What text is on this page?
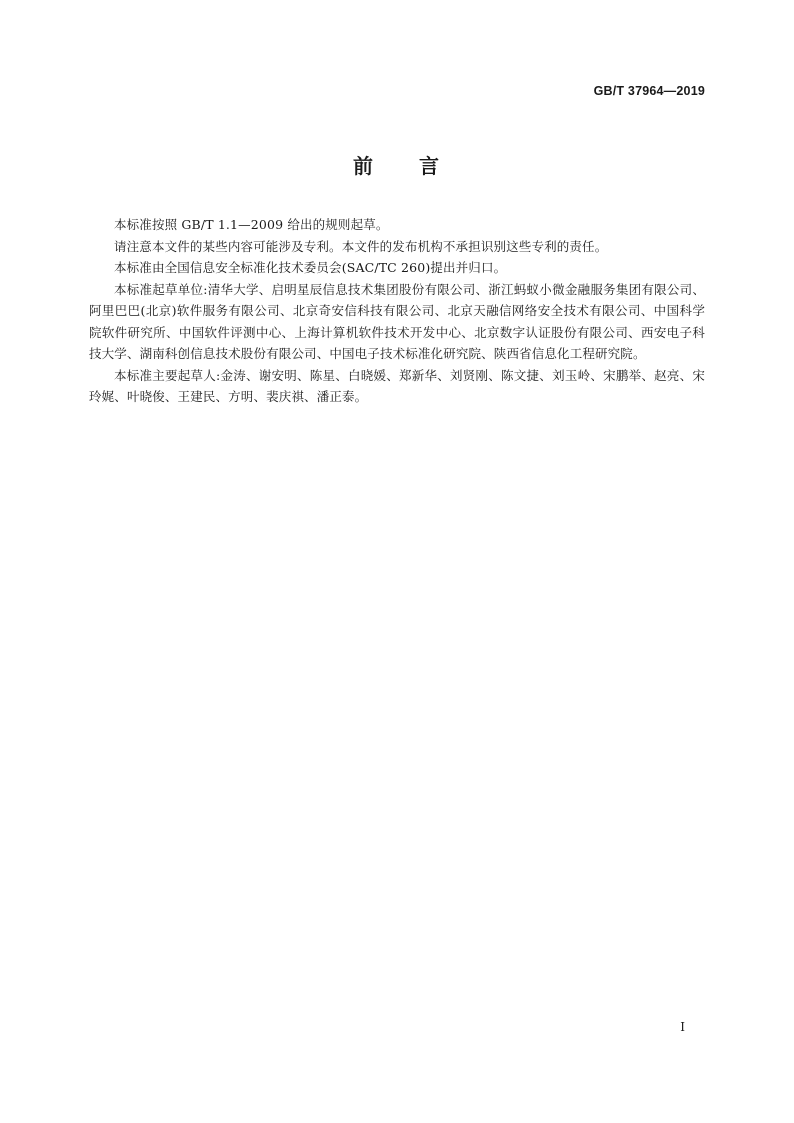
GB/T 37964—2019
前　　言

本标准按照 GB/T 1.1—2009 给出的规则起草。

请注意本文件的某些内容可能涉及专利。本文件的发布机构不承担识别这些专利的责任。

本标准由全国信息安全标准化技术委员会(SAC/TC 260)提出并归口。

本标准起草单位:清华大学、启明星辰信息技术集团股份有限公司、浙江蚂蚁小微金融服务集团有限公司、阿里巴巴(北京)软件服务有限公司、北京奇安信科技有限公司、北京天融信网络安全技术有限公司、中国科学院软件研究所、中国软件评测中心、上海计算机软件技术开发中心、北京数字认证股份有限公司、西安电子科技大学、湖南科创信息技术股份有限公司、中国电子技术标准化研究院、陕西省信息化工程研究院。

本标准主要起草人:金涛、谢安明、陈星、白晓媛、郑新华、刘贤刚、陈文捷、刘玉岭、宋鹏举、赵亮、宋玲娓、叶晓俊、王建民、方明、裴庆祺、潘正泰。

I
